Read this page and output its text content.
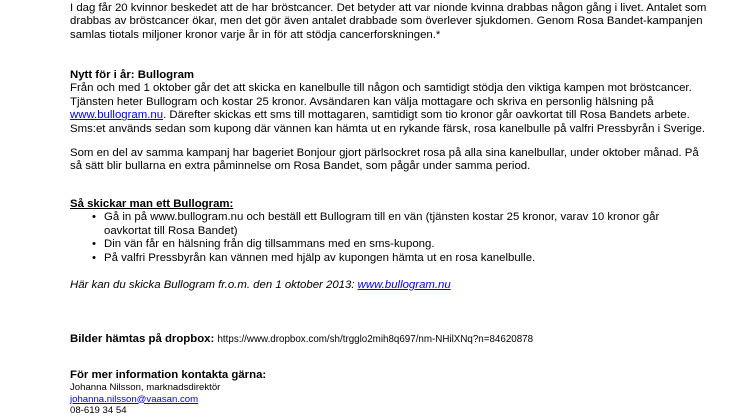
I dag får 20 kvinnor beskedet att de har bröstcancer. Det betyder att var nionde kvinna drabbas någon gång i livet. Antalet som

drabbas av bröstcancer ökar, men det gör även antalet drabbade som överlever sjukdomen. Genom Rosa Bandet-kampanjen

samlas tiotals miljoner kronor varje år in för att stödja cancerforskningen.*

Nytt för i år: Bullogram

Från och med 1 oktober går det att skicka en kanelbulle till någon och samtidigt stödja den viktiga kampen mot bröstcancer.

Tjänsten heter Bullogram och kostar 25 kronor. Avsändaren kan välja mottagare och skriva en personlig hälsning på

www.bullogram.nu. Därefter skickas ett sms till mottagaren, samtidigt som tio kronor går oavkortat till Rosa Bandets arbete.

Sms:et används sedan som kupong där vännen kan hämta ut en rykande färsk, rosa kanelbulle på valfri Pressbyrån i Sverige.

Som en del av samma kampanj har bageriet Bonjour gjort pärlsockret rosa på alla sina kanelbullar, under oktober månad. På

så sätt blir bullarna en extra påminnelse om Rosa Bandet, som pågår under samma period.

Så skickar man ett Bullogram:

• Gå in på www.bullogram.nu och beställ ett Bullogram till en vän (tjänsten kostar 25 kronor, varav 10 kronor går

oavkortat till Rosa Bandet)

• Din vän får en hälsning från dig tillsammans med en sms-kupong.

• På valfri Pressbyrån kan vännen med hjälp av kupongen hämta ut en rosa kanelbulle.

Här kan du skicka Bullogram fr.o.m. den 1 oktober 2013: www.bullogram.nu

Bilder hämtas på dropbox: https://www.dropbox.com/sh/trgglo2mih8q697/nm-NHilXNq?n=84620878

För mer information kontakta gärna:

Johanna Nilsson, marknadsdirektör

johanna.nilsson@vaasan.com

08-619 34 54
